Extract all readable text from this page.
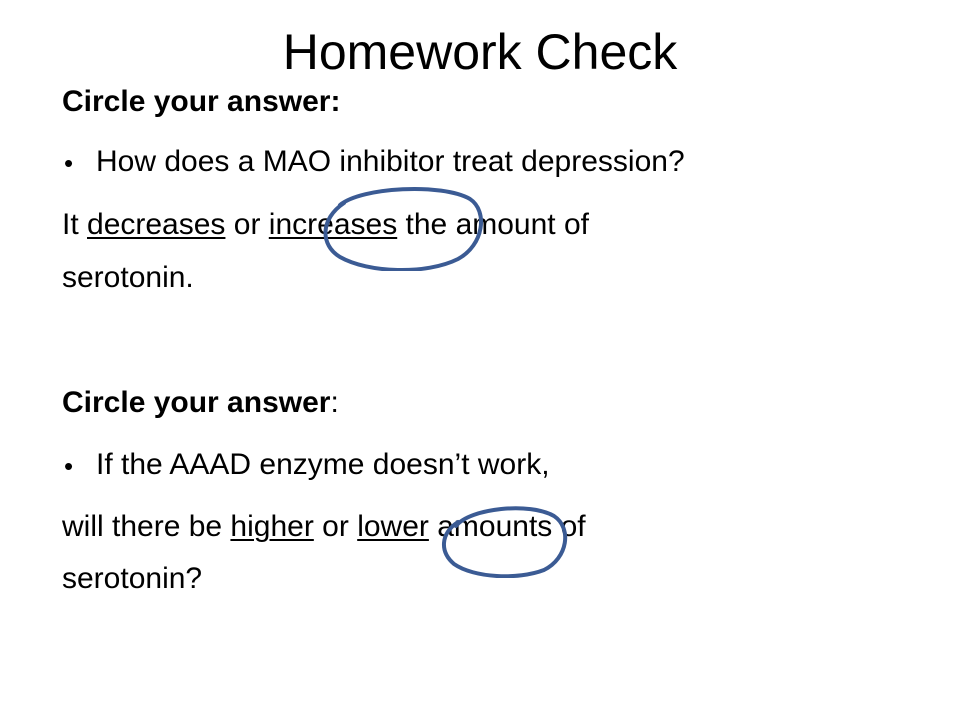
Homework Check
Circle your answer:
• How does a MAO inhibitor treat depression?
It decreases or increases the amount of
serotonin.
Circle your answer:
• If the AAAD enzyme doesn’t work,
will there be higher or lower amounts of
serotonin?
